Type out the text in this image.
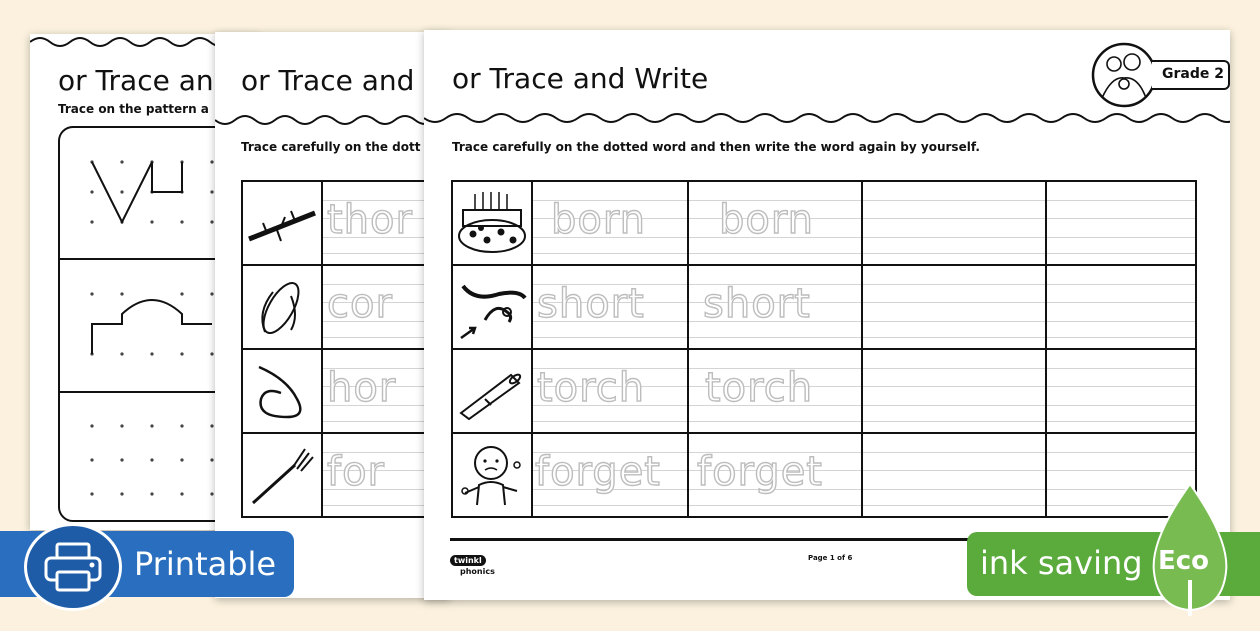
or Trace an
Trace on the pattern a
or Trace and
Trace carefully on the dott

thor

cor

hor

for
or Trace and Write	Grade 2
Trace carefully on the dotted word and then write the word again by yourself.

born	born		

short	short		

torch	torch		

forget	forget		

twinkl
phonics
Page 1 of 6
Printable	ink saving Eco
